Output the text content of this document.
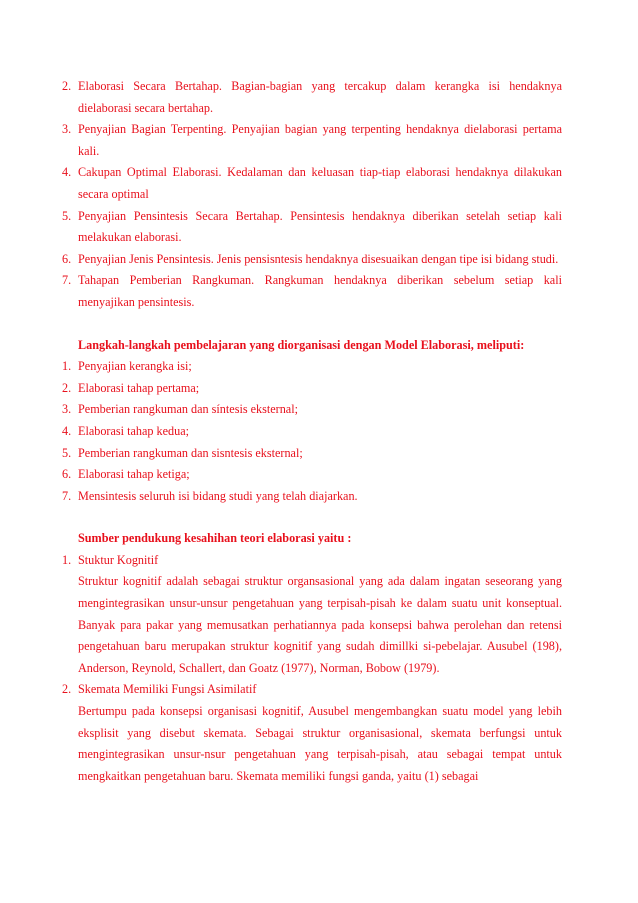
2. Elaborasi Secara Bertahap. Bagian-bagian yang tercakup dalam kerangka isi hendaknya dielaborasi secara bertahap.
3. Penyajian Bagian Terpenting. Penyajian bagian yang terpenting hendaknya dielaborasi pertama kali.
4. Cakupan Optimal Elaborasi. Kedalaman dan keluasan tiap-tiap elaborasi hendaknya dilakukan secara optimal
5. Penyajian Pensintesis Secara Bertahap. Pensintesis hendaknya diberikan setelah setiap kali melakukan elaborasi.
6. Penyajian Jenis Pensintesis. Jenis pensisntesis hendaknya disesuaikan dengan tipe isi bidang studi.
7. Tahapan Pemberian Rangkuman. Rangkuman hendaknya diberikan sebelum setiap kali menyajikan pensintesis.
Langkah-langkah pembelajaran yang diorganisasi dengan Model Elaborasi, meliputi:
1. Penyajian kerangka isi;
2. Elaborasi tahap pertama;
3. Pemberian rangkuman dan síntesis eksternal;
4. Elaborasi tahap kedua;
5. Pemberian rangkuman dan sisntesis eksternal;
6. Elaborasi tahap ketiga;
7. Mensintesis seluruh isi bidang studi yang telah diajarkan.
Sumber pendukung kesahihan teori elaborasi yaitu :
1. Stuktur Kognitif
Struktur kognitif adalah sebagai struktur organsasional yang ada dalam ingatan seseorang yang mengintegrasikan unsur-unsur pengetahuan yang terpisah-pisah ke dalam suatu unit konseptual. Banyak para pakar yang memusatkan perhatiannya pada konsepsi bahwa perolehan dan retensi pengetahuan baru merupakan struktur kognitif yang sudah dimillki si-pebelajar. Ausubel (198), Anderson, Reynold, Schallert, dan Goatz (1977), Norman, Bobow (1979).
2. Skemata Memiliki Fungsi Asimilatif
Bertumpu pada konsepsi organisasi kognitif, Ausubel mengembangkan suatu model yang lebih eksplisit yang disebut skemata. Sebagai struktur organisasional, skemata berfungsi untuk mengintegrasikan unsur-nsur pengetahuan yang terpisah-pisah, atau sebagai tempat untuk mengkaitkan pengetahuan baru. Skemata memiliki fungsi ganda, yaitu (1) sebagai
